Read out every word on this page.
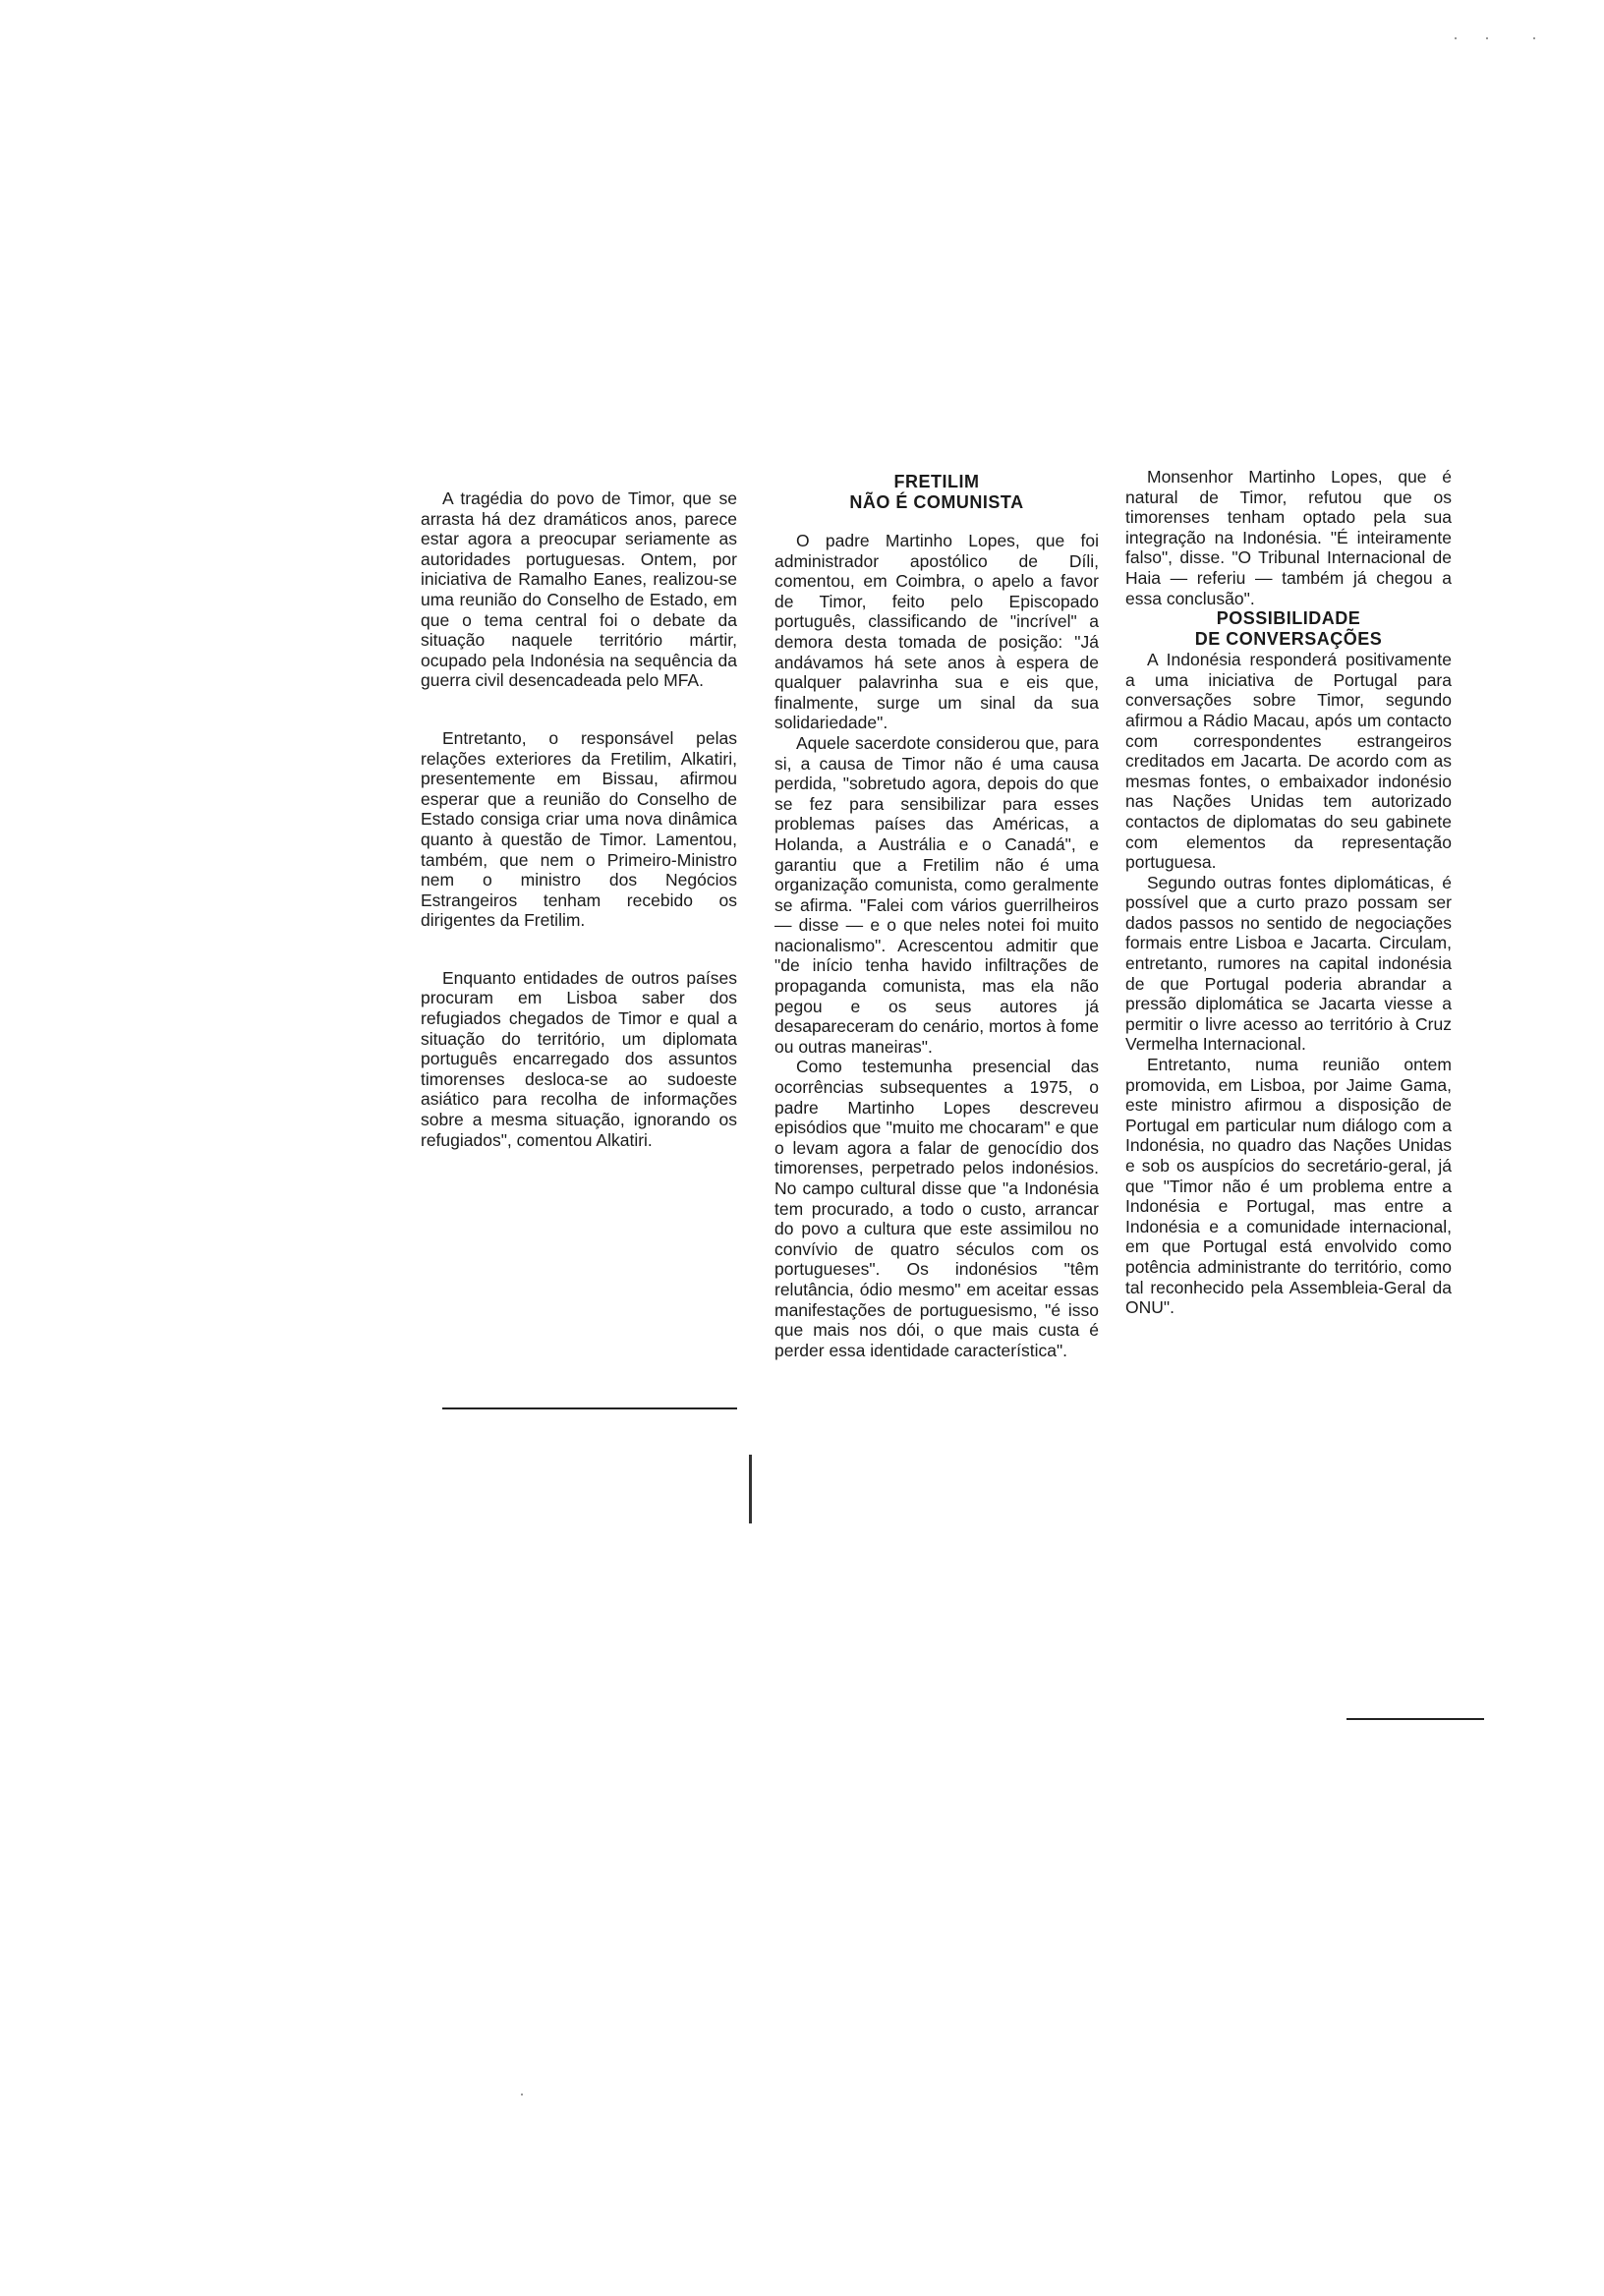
A tragédia do povo de Timor, que se arrasta há dez dramáticos anos, parece estar agora a preocupar seriamente as autoridades portuguesas. Ontem, por iniciativa de Ramalho Eanes, realizou-se uma reunião do Conselho de Estado, em que o tema central foi o debate da situação naquele território mártir, ocupado pela Indonésia na sequência da guerra civil desencadeada pelo MFA.

Entretanto, o responsável pelas relações exteriores da Fretilim, Alkatiri, presentemente em Bissau, afirmou esperar que a reunião do Conselho de Estado consiga criar uma nova dinâmica quanto à questão de Timor. Lamentou, também, que nem o Primeiro-Ministro nem o ministro dos Negócios Estrangeiros tenham recebido os dirigentes da Fretilim.

Enquanto entidades de outros países procuram em Lisboa saber dos refugiados chegados de Timor e qual a situação do território, um diplomata português encarregado dos assuntos timorenses desloca-se ao sudoeste asiático para recolha de informações sobre a mesma situação, ignorando os refugiados", comentou Alkatiri.

FRETILIM
NÃO É COMUNISTA

O padre Martinho Lopes, que foi administrador apostólico de Díli, comentou, em Coimbra, o apelo a favor de Timor, feito pelo Episcopado português, classificando de "incrível" a demora desta tomada de posição: "Já andávamos há sete anos à espera de qualquer palavrinha sua e eis que, finalmente, surge um sinal da sua solidariedade".

Aquele sacerdote considerou que, para si, a causa de Timor não é uma causa perdida, "sobretudo agora, depois do que se fez para sensibilizar para esses problemas países das Américas, a Holanda, a Austrália e o Canadá", e garantiu que a Fretilim não é uma organização comunista, como geralmente se afirma. "Falei com vários guerrilheiros — disse — e o que neles notei foi muito nacionalismo". Acrescentou admitir que "de início tenha havido infiltrações de propaganda comunista, mas ela não pegou e os seus autores já desapareceram do cenário, mortos à fome ou outras maneiras".

Como testemunha presencial das ocorrências subsequentes a 1975, o padre Martinho Lopes descreveu episódios que "muito me chocaram" e que o levam agora a falar de genocídio dos timorenses, perpetrado pelos indonésios. No campo cultural disse que "a Indonésia tem procurado, a todo o custo, arrancar do povo a cultura que este assimilou no convívio de quatro séculos com os portugueses". Os indonésios "têm relutância, ódio mesmo" em aceitar essas manifestações de portuguesismo, "é isso que mais nos dói, o que mais custa é perder essa identidade característica".

Monsenhor Martinho Lopes, que é natural de Timor, refutou que os timorenses tenham optado pela sua integração na Indonésia. "É inteiramente falso", disse. "O Tribunal Internacional de Haia — referiu — também já chegou a essa conclusão".

POSSIBILIDADE
DE CONVERSAÇÕES

A Indonésia responderá positivamente a uma iniciativa de Portugal para conversações sobre Timor, segundo afirmou a Rádio Macau, após um contacto com correspondentes estrangeiros creditados em Jacarta. De acordo com as mesmas fontes, o embaixador indonésio nas Nações Unidas tem autorizado contactos de diplomatas do seu gabinete com elementos da representação portuguesa.

Segundo outras fontes diplomáticas, é possível que a curto prazo possam ser dados passos no sentido de negociações formais entre Lisboa e Jacarta. Circulam, entretanto, rumores na capital indonésia de que Portugal poderia abrandar a pressão diplomática se Jacarta viesse a permitir o livre acesso ao território à Cruz Vermelha Internacional.

Entretanto, numa reunião ontem promovida, em Lisboa, por Jaime Gama, este ministro afirmou a disposição de Portugal em particular num diálogo com a Indonésia, no quadro das Nações Unidas e sob os auspícios do secretário-geral, já que "Timor não é um problema entre a Indonésia e Portugal, mas entre a Indonésia e a comunidade internacional, em que Portugal está envolvido como potência administrante do território, como tal reconhecido pela Assembleia-Geral da ONU".
